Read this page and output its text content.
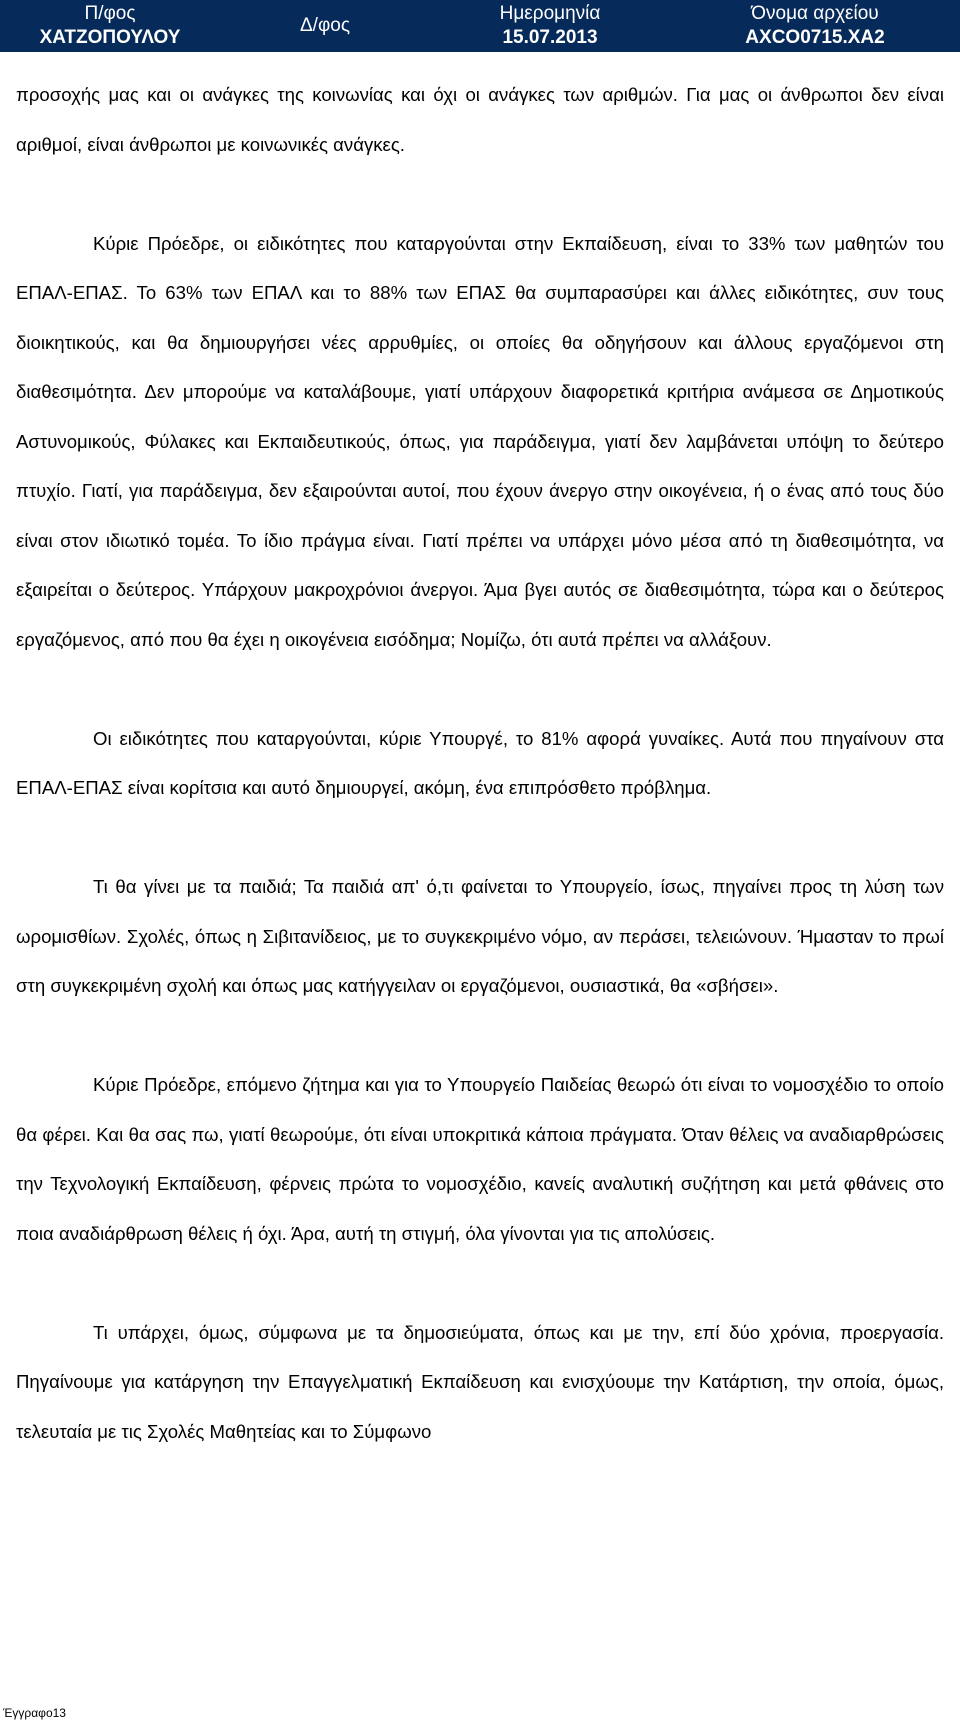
Π/φος
ΧΑΤΖΟΠΟΥΛΟΥ
Δ/φος
Ημερομηνία
15.07.2013
Όνομα αρχείου
AXCO0715.XA2

προσοχής μας και οι ανάγκες της κοινωνίας και όχι οι ανάγκες των αριθμών. Για μας οι άνθρωποι δεν είναι αριθμοί, είναι άνθρωποι με κοινωνικές ανάγκες.

Κύριε Πρόεδρε, οι ειδικότητες που καταργούνται στην Εκπαίδευση, είναι το 33% των μαθητών του ΕΠΑΛ-ΕΠΑΣ. Το 63% των ΕΠΑΛ και το 88% των ΕΠΑΣ θα συμπαρασύρει και άλλες ειδικότητες, συν τους διοικητικούς, και θα δημιουργήσει νέες αρρυθμίες, οι οποίες θα οδηγήσουν και άλλους εργαζόμενοι στη διαθεσιμότητα. Δεν μπορούμε να καταλάβουμε, γιατί υπάρχουν διαφορετικά κριτήρια ανάμεσα σε Δημοτικούς Αστυνομικούς, Φύλακες και Εκπαιδευτικούς, όπως, για παράδειγμα, γιατί δεν λαμβάνεται υπόψη το δεύτερο πτυχίο. Γιατί, για παράδειγμα, δεν εξαιρούνται αυτοί, που έχουν άνεργο στην οικογένεια, ή ο ένας από τους δύο είναι στον ιδιωτικό τομέα. Το ίδιο πράγμα είναι. Γιατί πρέπει να υπάρχει μόνο μέσα από τη διαθεσιμότητα, να εξαιρείται ο δεύτερος. Υπάρχουν μακροχρόνιοι άνεργοι. Άμα βγει αυτός σε διαθεσιμότητα, τώρα και ο δεύτερος εργαζόμενος, από που θα έχει η οικογένεια εισόδημα; Νομίζω, ότι αυτά πρέπει να αλλάξουν.

Οι ειδικότητες που καταργούνται, κύριε Υπουργέ, το 81% αφορά γυναίκες. Αυτά που πηγαίνουν στα ΕΠΑΛ-ΕΠΑΣ είναι κορίτσια και αυτό δημιουργεί, ακόμη, ένα επιπρόσθετο πρόβλημα.

Τι θα γίνει με τα παιδιά; Τα παιδιά απ' ό,τι φαίνεται το Υπουργείο, ίσως, πηγαίνει προς τη λύση των ωρομισθίων. Σχολές, όπως η Σιβιτανίδειος, με το συγκεκριμένο νόμο, αν περάσει, τελειώνουν. Ήμασταν το πρωί στη συγκεκριμένη σχολή και όπως μας κατήγγειλαν οι εργαζόμενοι, ουσιαστικά, θα «σβήσει».

Κύριε Πρόεδρε, επόμενο ζήτημα και για το Υπουργείο Παιδείας θεωρώ ότι είναι το νομοσχέδιο το οποίο θα φέρει. Και θα σας πω, γιατί θεωρούμε, ότι είναι υποκριτικά κάποια πράγματα. Όταν θέλεις να αναδιαρθρώσεις την Τεχνολογική Εκπαίδευση, φέρνεις πρώτα το νομοσχέδιο, κανείς αναλυτική συζήτηση και μετά φθάνεις στο ποια αναδιάρθρωση θέλεις ή όχι. Άρα, αυτή τη στιγμή, όλα γίνονται για τις απολύσεις.

Τι υπάρχει, όμως, σύμφωνα με τα δημοσιεύματα, όπως και με την, επί δύο χρόνια, προεργασία. Πηγαίνουμε για κατάργηση την Επαγγελματική Εκπαίδευση και ενισχύουμε την Κατάρτιση, την οποία, όμως, τελευταία με τις Σχολές Μαθητείας και το Σύμφωνο

Έγγραφο13
